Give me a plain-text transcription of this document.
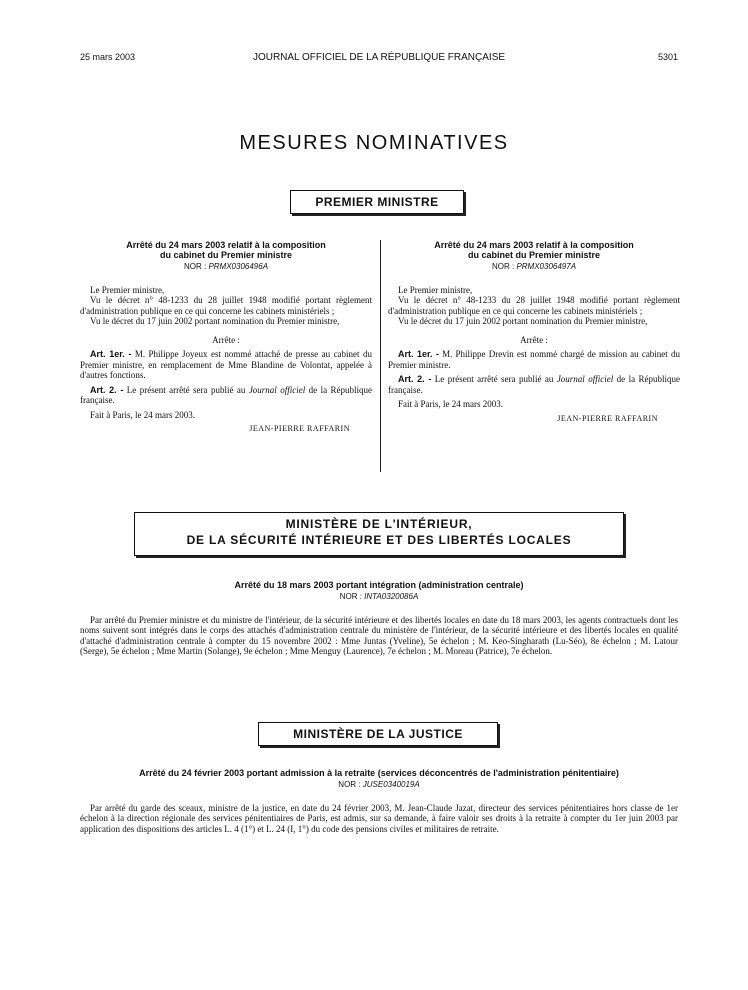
25 mars 2003	JOURNAL OFFICIEL DE LA RÉPUBLIQUE FRANÇAISE	5301
MESURES NOMINATIVES
PREMIER MINISTRE
Arrêté du 24 mars 2003 relatif à la composition
du cabinet du Premier ministre
NOR : PRMX0306496A

Le Premier ministre,

Vu le décret n° 48-1233 du 28 juillet 1948 modifié portant règlement d'administration publique en ce qui concerne les cabinets ministériels ;

Vu le décret du 17 juin 2002 portant nomination du Premier ministre,

Arrête :

Art. 1er. - M. Philippe Joyeux est nommé attaché de presse au cabinet du Premier ministre, en remplacement de Mme Blandine de Volontat, appelée à d'autres fonctions.

Art. 2. - Le présent arrêté sera publié au Journal officiel de la République française.

Fait à Paris, le 24 mars 2003.

JEAN-PIERRE RAFFARIN

Arrêté du 24 mars 2003 relatif à la composition
du cabinet du Premier ministre
NOR : PRMX0306497A

Le Premier ministre,

Vu le décret n° 48-1233 du 28 juillet 1948 modifié portant règlement d'administration publique en ce qui concerne les cabinets ministériels ;

Vu le décret du 17 juin 2002 portant nomination du Premier ministre,

Arrête :

Art. 1er. - M. Philippe Drevin est nommé chargé de mission au cabinet du Premier ministre.

Art. 2. - Le présent arrêté sera publié au Journal officiel de la République française.

Fait à Paris, le 24 mars 2003.

JEAN-PIERRE RAFFARIN

MINISTÈRE DE L'INTÉRIEUR,
DE LA SÉCURITÉ INTÉRIEURE ET DES LIBERTÉS LOCALES
Arrêté du 18 mars 2003 portant intégration (administration centrale)
NOR : INTA0320086A

Par arrêté du Premier ministre et du ministre de l'intérieur, de la sécurité intérieure et des libertés locales en date du 18 mars 2003, les agents contractuels dont les noms suivent sont intégrés dans le corps des attachés d'administration centrale du ministère de l'intérieur, de la sécurité intérieure et des libertés locales en qualité d'attaché d'administration centrale à compter du 15 novembre 2002 : Mme Juntas (Yveline), 5e échelon ; M. Keo-Singharath (Lu-Séo), 8e échelon ; M. Latour (Serge), 5e échelon ; Mme Martin (Solange), 9e échelon ; Mme Menguy (Laurence), 7e échelon ; M. Moreau (Patrice), 7e échelon.

MINISTÈRE DE LA JUSTICE
Arrêté du 24 février 2003 portant admission à la retraite (services déconcentrés de l'administration pénitentiaire)
NOR : JUSE0340019A

Par arrêté du garde des sceaux, ministre de la justice, en date du 24 février 2003, M. Jean-Claude Jazat, directeur des services pénitentiaires hors classe de 1er échelon à la direction régionale des services pénitentiaires de Paris, est admis, sur sa demande, à faire valoir ses droits à la retraite à compter du 1er juin 2003 par application des dispositions des articles L. 4 (1°) et L. 24 (I, 1°) du code des pensions civiles et militaires de retraite.
